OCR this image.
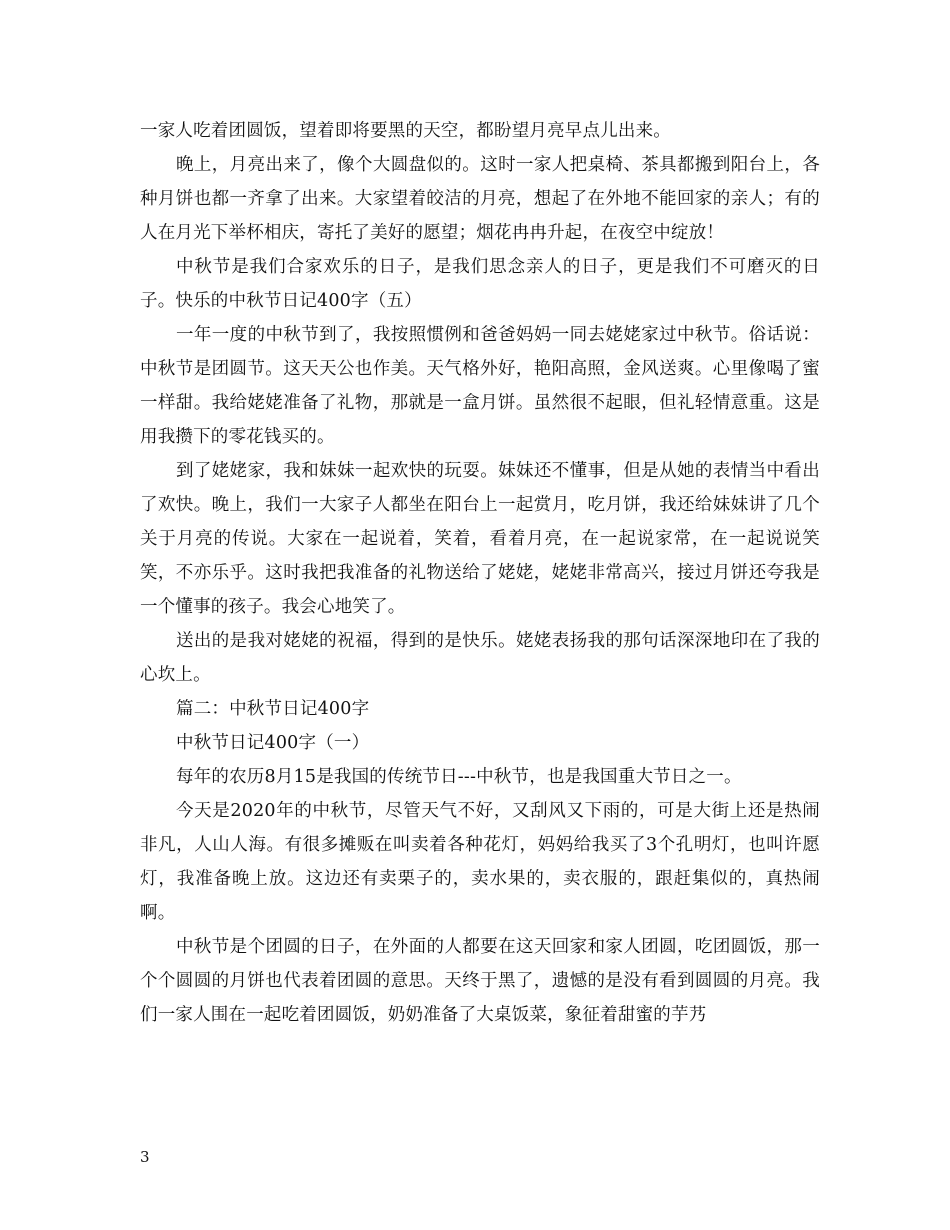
一家人吃着团圆饭，望着即将要黑的天空，都盼望月亮早点儿出来。

晚上，月亮出来了，像个大圆盘似的。这时一家人把桌椅、茶具都搬到阳台上，各种月饼也都一齐拿了出来。大家望着皎洁的月亮，想起了在外地不能回家的亲人；有的人在月光下举杯相庆，寄托了美好的愿望；烟花冉冉升起，在夜空中绽放！

中秋节是我们合家欢乐的日子，是我们思念亲人的日子，更是我们不可磨灭的日子。快乐的中秋节日记400字（五）

一年一度的中秋节到了，我按照惯例和爸爸妈妈一同去姥姥家过中秋节。俗话说：中秋节是团圆节。这天天公也作美。天气格外好，艳阳高照，金风送爽。心里像喝了蜜一样甜。我给姥姥准备了礼物，那就是一盒月饼。虽然很不起眼，但礼轻情意重。这是用我攒下的零花钱买的。

到了姥姥家，我和妹妹一起欢快的玩耍。妹妹还不懂事，但是从她的表情当中看出了欢快。晚上，我们一大家子人都坐在阳台上一起赏月，吃月饼，我还给妹妹讲了几个关于月亮的传说。大家在一起说着，笑着，看着月亮，在一起说家常，在一起说说笑笑，不亦乐乎。这时我把我准备的礼物送给了姥姥，姥姥非常高兴，接过月饼还夸我是一个懂事的孩子。我会心地笑了。

送出的是我对姥姥的祝福，得到的是快乐。姥姥表扬我的那句话深深地印在了我的心坎上。

篇二：中秋节日记400字

中秋节日记400字（一）

每年的农历8月15是我国的传统节日---中秋节，也是我国重大节日之一。

今天是2020年的中秋节，尽管天气不好，又刮风又下雨的，可是大街上还是热闹非凡，人山人海。有很多摊贩在叫卖着各种花灯，妈妈给我买了3个孔明灯，也叫许愿灯，我准备晚上放。这边还有卖栗子的，卖水果的，卖衣服的，跟赶集似的，真热闹啊。

中秋节是个团圆的日子，在外面的人都要在这天回家和家人团圆，吃团圆饭，那一个个圆圆的月饼也代表着团圆的意思。天终于黑了，遗憾的是没有看到圆圆的月亮。我们一家人围在一起吃着团圆饭，奶奶准备了大桌饭菜，象征着甜蜜的芋艿

3
